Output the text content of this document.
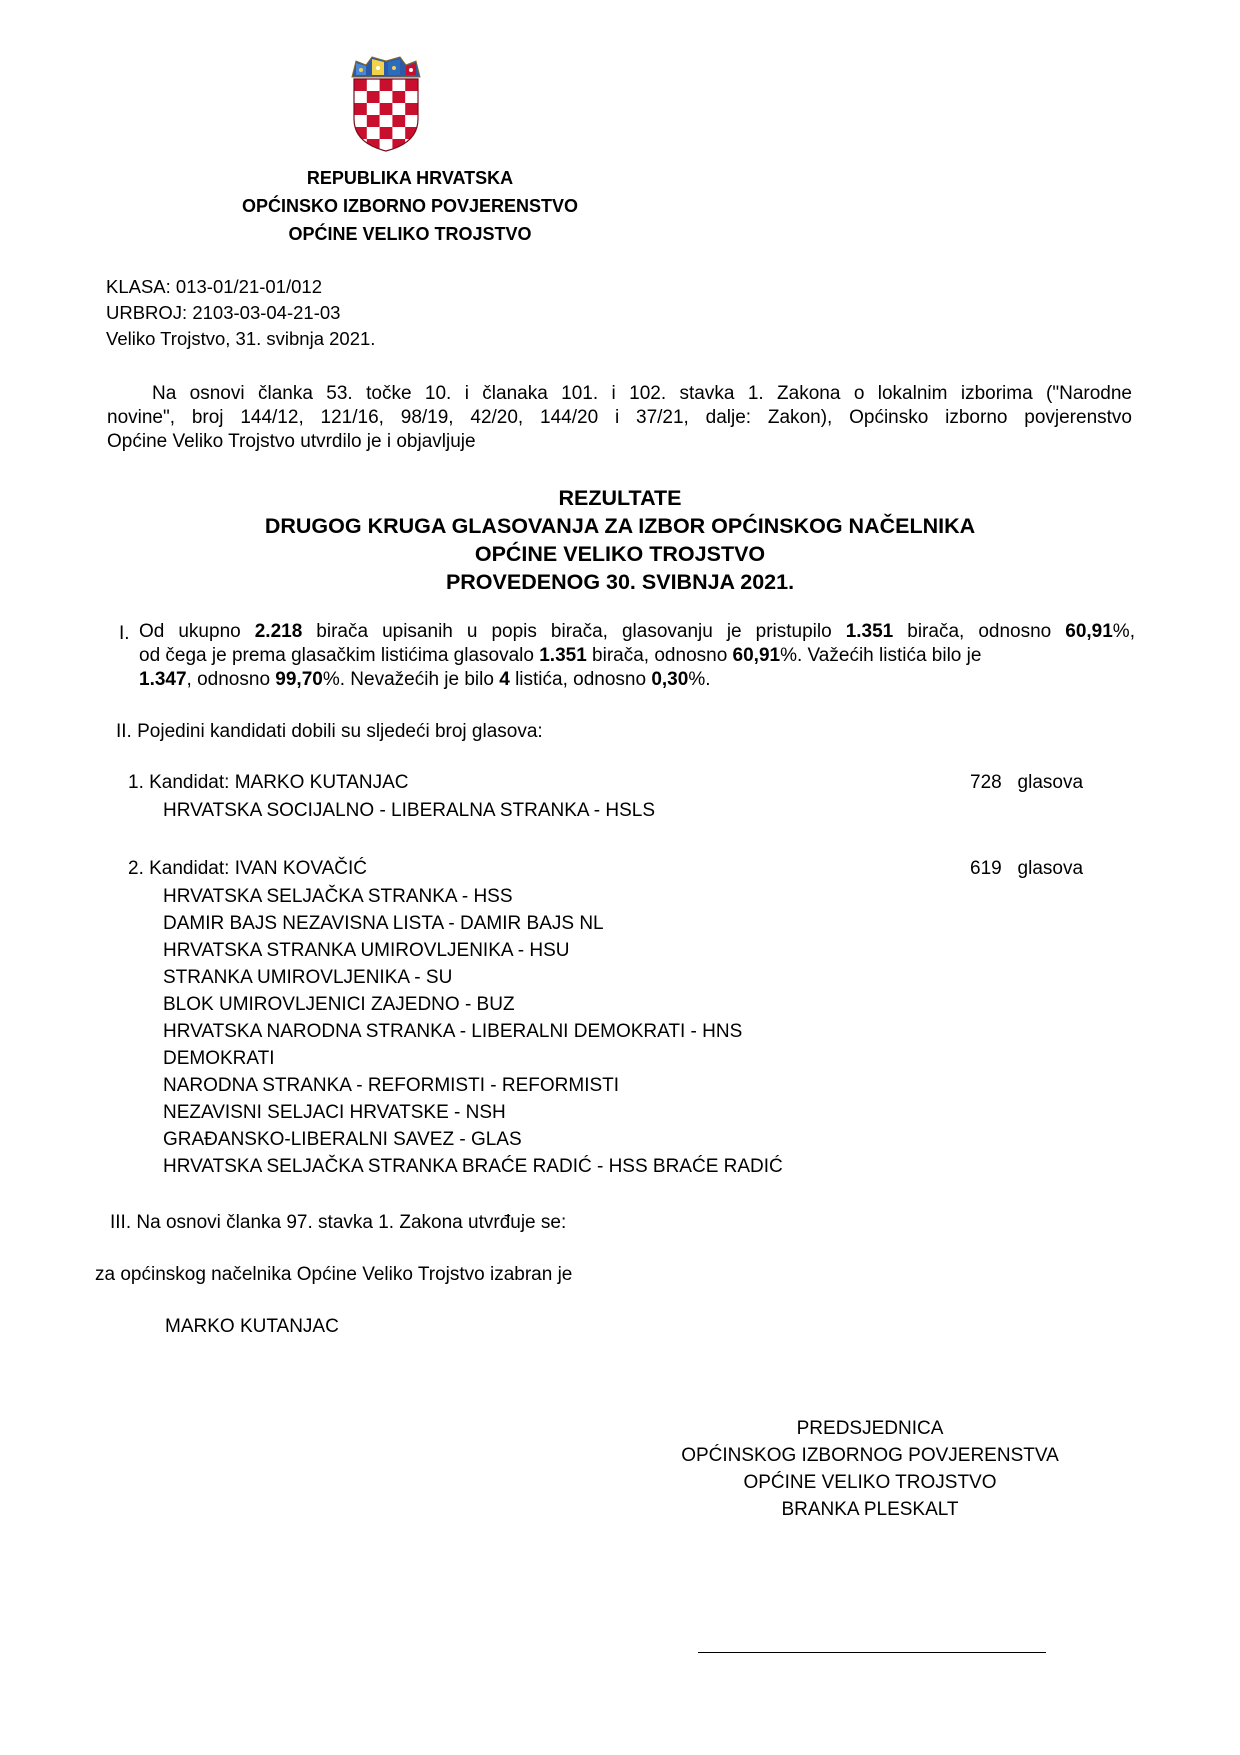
REPUBLIKA HRVATSKA
OPĆINSKO IZBORNO POVJERENSTVO
OPĆINE VELIKO TROJSTVO
KLASA: 013-01/21-01/012
URBROJ: 2103-03-04-21-03
Veliko Trojstvo, 31. svibnja 2021.
Na osnovi članka 53. točke 10. i članaka 101. i 102. stavka 1. Zakona o lokalnim izborima ("Narodne
novine", broj 144/12, 121/16, 98/19, 42/20, 144/20 i 37/21, dalje: Zakon), Općinsko izborno povjerenstvo
Općine Veliko Trojstvo utvrdilo je i objavljuje
REZULTATE
DRUGOG KRUGA GLASOVANJA ZA IZBOR OPĆINSKOG NAČELNIKA
OPĆINE VELIKO TROJSTVO
PROVEDENOG 30. SVIBNJA 2021.
I. Od ukupno 2.218 birača upisanih u popis birača, glasovanju je pristupilo 1.351 birača, odnosno 60,91%,
od čega je prema glasačkim listićima glasovalo 1.351 birača, odnosno 60,91%. Važećih listića bilo je
1.347, odnosno 99,70%. Nevažećih je bilo 4 listića, odnosno 0,30%.
II. Pojedini kandidati dobili su sljedeći broj glasova:
1. Kandidat: MARKO KUTANJAC	728 glasova
HRVATSKA SOCIJALNO - LIBERALNA STRANKA - HSLS
2. Kandidat: IVAN KOVAČIĆ	619 glasova
HRVATSKA SELJAČKA STRANKA - HSS
DAMIR BAJS NEZAVISNA LISTA - DAMIR BAJS NL
HRVATSKA STRANKA UMIROVLJENIKA - HSU
STRANKA UMIROVLJENIKA - SU
BLOK UMIROVLJENICI ZAJEDNO - BUZ
HRVATSKA NARODNA STRANKA - LIBERALNI DEMOKRATI - HNS
DEMOKRATI
NARODNA STRANKA - REFORMISTI - REFORMISTI
NEZAVISNI SELJACI HRVATSKE - NSH
GRAĐANSKO-LIBERALNI SAVEZ - GLAS
HRVATSKA SELJAČKA STRANKA BRAĆE RADIĆ - HSS BRAĆE RADIĆ
III. Na osnovi članka 97. stavka 1. Zakona utvrđuje se:
za općinskog načelnika Općine Veliko Trojstvo izabran je
MARKO KUTANJAC
PREDSJEDNICA
OPĆINSKOG IZBORNOG POVJERENSTVA
OPĆINE VELIKO TROJSTVO
BRANKA PLESKALT
